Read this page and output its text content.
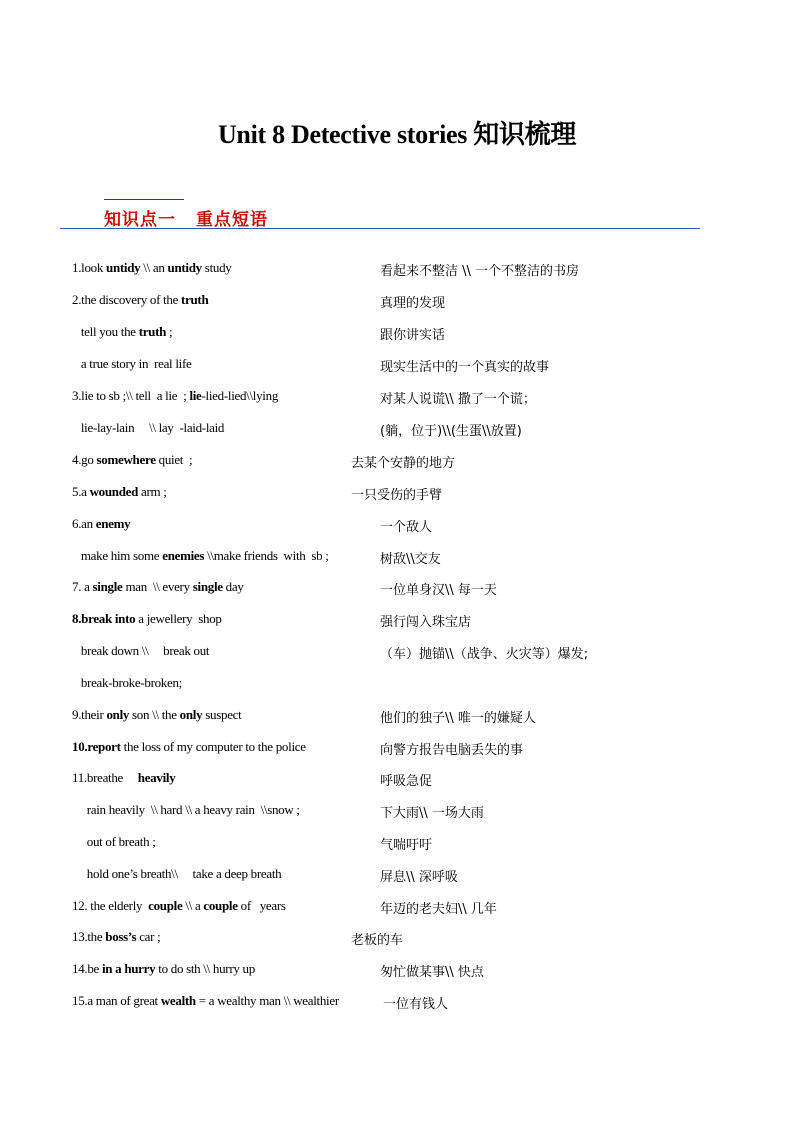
Unit 8 Detective stories 知识梳理
知识点一 重点短语
1.look untidy \\ an untidy study	看起来不整洁 \\ 一个不整洁的书房
2.the discovery of the truth	真理的发现
tell you the truth ;	跟你讲实话
a true story in  real life	现实生活中的一个真实的故事
3.lie to sb ;\\ tell  a lie  ; lie-lied-lied\\lying	对某人说谎\\ 撒了一个谎；
lie-lay-lain     \\ lay  -laid-laid	(躺，位于)\\(生蛋\\放置)
4.go somewhere quiet  ;	去某个安静的地方
5.a wounded arm ;	一只受伤的手臂
6.an enemy	一个敌人
make him some enemies \\make friends  with  sb ;	树敌\\交友
7. a single man  \\ every single day	一位单身汉\\ 每一天
8.break into a jewellery  shop	强行闯入珠宝店
break down \\     break out	（车）抛锚\\（战争、火灾等）爆发;
break-broke-broken;
9.their only son \\ the only suspect	他们的独子\\ 唯一的嫌疑人
10.report the loss of my computer to the police	向警方报告电脑丢失的事
11.breathe     heavily	呼吸急促
rain heavily  \\ hard \\ a heavy rain  \\snow ;	下大雨\\ 一场大雨
out of breath ;	气喘吁吁
hold one’s breath\\     take a deep breath	屏息\\ 深呼吸
12. the elderly  couple \\ a couple of   years	年迈的老夫妇\\ 几年
13.the boss’s car ;	老板的车
14.be in a hurry to do sth \\ hurry up	匆忙做某事\\ 快点
15.a man of great wealth = a wealthy man \\ wealthier	一位有钱人
